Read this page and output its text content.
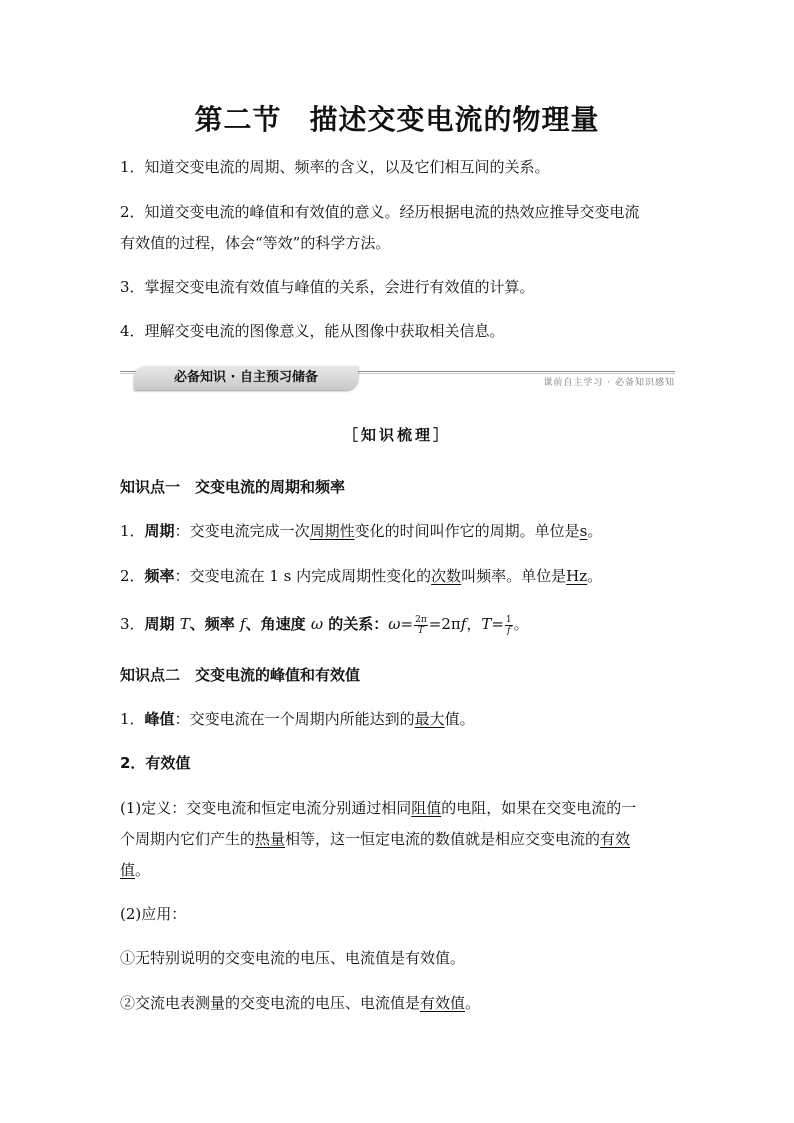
第二节 描述交变电流的物理量
1．知道交变电流的周期、频率的含义，以及它们相互间的关系。
2．知道交变电流的峰值和有效值的意义。经历根据电流的热效应推导交变电流
有效值的过程，体会“等效”的科学方法。
3．掌握交变电流有效值与峰值的关系，会进行有效值的计算。
4．理解交变电流的图像意义，能从图像中获取相关信息。
必备知识 · 自主预习储备	课前自主学习 · 必备知识感知
［知识梳理］
知识点一　交变电流的周期和频率
1．周期：交变电流完成一次周期性变化的时间叫作它的周期。单位是s。
2．频率：交变电流在 1 s 内完成周期性变化的次数叫频率。单位是Hz。
3．周期 T、频率 f、角速度 ω 的关系：$\omega= \frac{2\pi}{T}=2\pi f$，$T= \frac{1}{f}$。
知识点二　交变电流的峰值和有效值
1．峰值：交变电流在一个周期内所能达到的最大值。
2．有效值
(1)定义：交变电流和恒定电流分别通过相同阻值的电阻，如果在交变电流的一
个周期内它们产生的热量相等，这一恒定电流的数值就是相应交变电流的有效
值。
(2)应用：
①无特别说明的交变电流的电压、电流值是有效值。
②交流电表测量的交变电流的电压、电流值是有效值。
